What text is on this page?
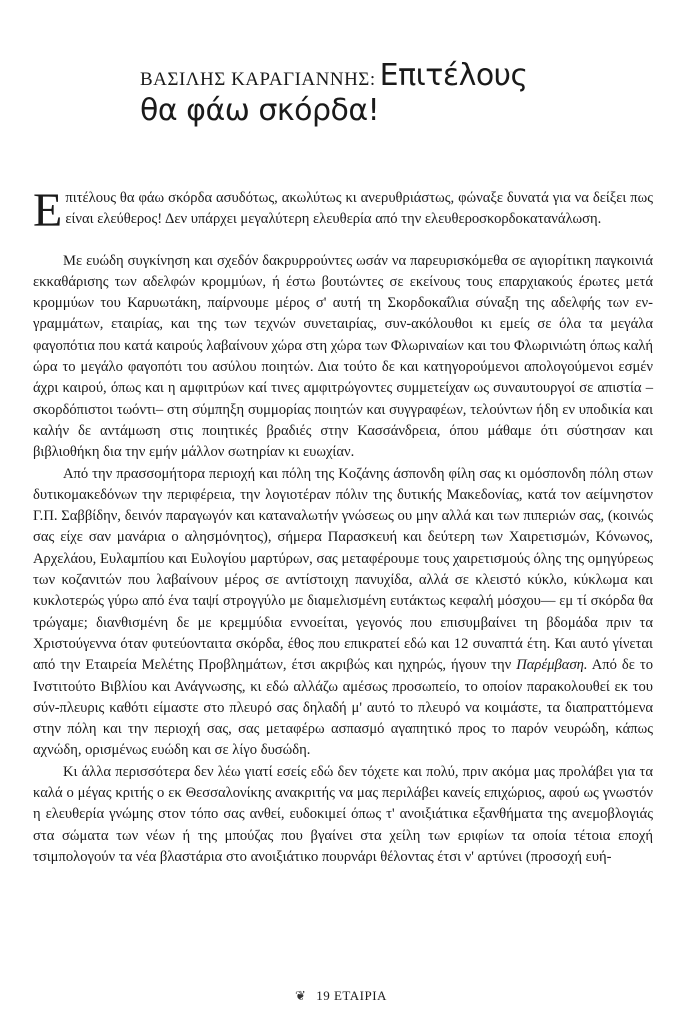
ΒΑΣΙΛΗΣ ΚΑΡΑΓΙΑΝΝΗΣ: Επιτέλους
θα φάω σκόρδα!

Επιτέλους θα φάω σκόρδα ασυδότως, ακωλύτως κι ανερυθριάστως, φώναξε δυνατά για να δείξει πως είναι ελεύθερος! Δεν υπάρχει μεγαλύτερη ελευθερία από την ελευθεροσκορδοκατανάλωση.

Με ευώδη συγκίνηση και σχεδόν δακρυρρούντες ωσάν να παρευρισκόμεθα σε αγιορίτικη παγκοινιά εκκαθάρισης των αδελφών κρομμύων, ή έστω βουτώντες σε εκείνους τους επαρχιακούς έρωτες μετά κρομμύων του Καρυωτάκη, παίρνουμε μέρος σ' αυτή τη Σκορδοκαΐλια σύναξη της αδελφής των εν-γραμμάτων, εταιρίας, και της των τεχνών συνεταιρίας, συν-ακόλουθοι κι εμείς σε όλα τα μεγάλα φαγοπότια που κατά καιρούς λαβαίνουν χώρα στη χώρα των Φλωριναίων και του Φλωρινιώτη όπως καλή ώρα το μεγάλο φαγοπότι του ασύλου ποιητών. Δια τούτο δε και κατηγορούμενοι απολογούμενοι εσμέν άχρι καιρού, όπως και η αμφιτρύων καί τινες αμφιτρώγοντες συμμετείχαν ως συναυτουργοί σε απιστία –σκορδόπιστοι τωόντι– στη σύμπηξη συμμορίας ποιητών και συγγραφέων, τελούντων ήδη εν υποδικία και καλήν δε αντάμωση στις ποιητικές βραδιές στην Κασσάνδρεια, όπου μάθαμε ότι σύστησαν και βιβλιοθήκη δια την εμήν μάλλον σωτηρίαν κι ευωχίαν.

Από την πρασσομήτορα περιοχή και πόλη της Κοζάνης άσπονδη φίλη σας κι ομόσπονδη πόλη στων δυτικομακεδόνων την περιφέρεια, την λογιοτέραν πόλιν της δυτικής Μακεδονίας, κατά τον αείμνηστον Γ.Π. Σαββίδην, δεινόν παραγωγόν και καταναλωτήν γνώσεως ου μην αλλά και των πιπεριών σας, (κοινώς σας είχε σαν μανάρια ο αλησμόνητος), σήμερα Παρασκευή και δεύτερη των Χαιρετισμών, Κόνωνος, Αρχελάου, Ευλαμπίου και Ευλογίου μαρτύρων, σας μεταφέρουμε τους χαιρετισμούς όλης της ομηγύρεως των κοζανιτών που λαβαίνουν μέρος σε αντίστοιχη πανυχίδα, αλλά σε κλειστό κύκλο, κύκλωμα και κυκλοτερώς γύρω από ένα ταψί στρογγύλο με διαμελισμένη ευτάκτως κεφαλή μόσχου— εμ τί σκόρδα θα τρώγαμε; διανθισμένη δε με κρεμμύδια εννοείται, γεγονός που επισυμβαίνει τη βδομάδα πριν τα Χριστούγεννα όταν φυτεύονταιτα σκόρδα, έθος που επικρατεί εδώ και 12 συναπτά έτη. Και αυτό γίνεται από την Εταιρεία Μελέτης Προβλημάτων, έτσι ακριβώς και ηχηρώς, ήγουν την Παρέμβαση. Από δε το Ινστιτούτο Βιβλίου και Ανάγνωσης, κι εδώ αλλάζω αμέσως προσωπείο, το οποίον παρακολουθεί εκ του σύν-πλευρις καθότι είμαστε στο πλευρό σας δηλαδή μ' αυτό το πλευρό να κοιμάστε, τα διαπραττόμενα στην πόλη και την περιοχή σας, σας μεταφέρω ασπασμό αγαπητικό προς το παρόν νευρώδη, κάπως αχνώδη, ορισμένως ευώδη και σε λίγο δυσώδη.

Κι άλλα περισσότερα δεν λέω γιατί εσείς εδώ δεν τόχετε και πολύ, πριν ακόμα μας προλάβει για τα καλά ο μέγας κριτής ο εκ Θεσσαλονίκης ανακριτής να μας περιλάβει κανείς επιχώριος, αφού ως γνωστόν η ελευθερία γνώμης στον τόπο σας ανθεί, ευδοκιμεί όπως τ' ανοιξιάτικα εξανθήματα της ανεμοβλογιάς στα σώματα των νέων ή της μπούζας που βγαίνει στα χείλη των εριφίων τα οποία τέτοια εποχή τσιμπολογούν τα νέα βλαστάρια στο ανοιξιάτικο πουρνάρι θέλοντας έτσι ν' αρτύνει (προσοχή ευή-

❦ 19 ΕΤΑΙΡΙΑ
